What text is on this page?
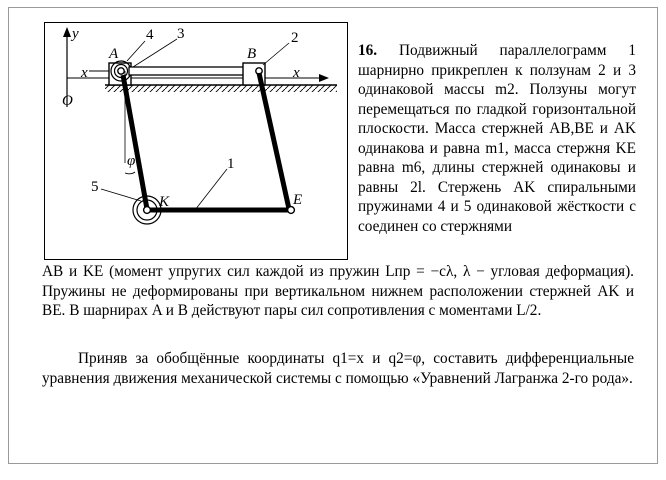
y
x	x
O
A	B
K	E
φ	1
2
3
4
5
16. Подвижный параллелограмм 1 шарнирно прикреплен к ползунам 2 и 3 одинаковой массы m2. Ползуны могут перемещаться по гладкой горизонтальной плоскости. Масса стержней AB,BE и AK одинакова и равна m1, масса стержня KE равна m6, длины стержней одинаковы и равны 2l. Стержень AK спиральными пружинами 4 и 5 одинаковой жёсткости c соединен со стержнями
AB и KE (момент упругих сил каждой из пружин Lпр = −cλ, λ − угловая деформация). Пружины не деформированы при вертикальном нижнем расположении стержней AK и BE. В шарнирах A и B действуют пары сил сопротивления с моментами L/2.
Приняв за обобщённые координаты q1=x и q2=φ, составить дифференциальные уравнения движения механической системы с помощью «Уравнений Лагранжа 2-го рода».
